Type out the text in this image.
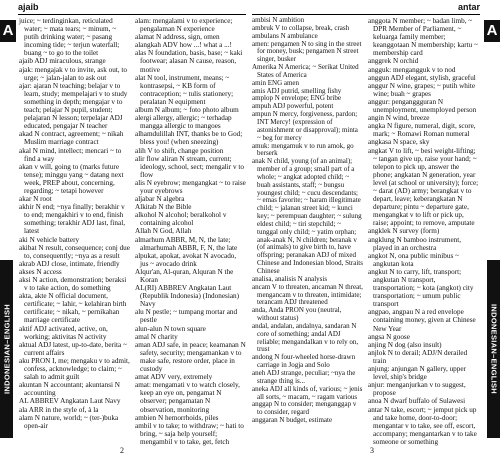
ajaib
A

juice; ~ terdinginkan, reticulated water; ~ mata tears; ~ minum, ~ putih drinking water; ~ pasang incoming tide; ~ terjun waterfall; buang ~ to go to the toilet

ajaib ADJ miraculous, strange

ajak: mengajak v to invite, ask out, to urge; ~ jalan-jalan to ask out

ajar: ajaran N teaching; belajar v to learn, study; mempelajari v to study something in depth; mengajar v to teach; pelajar N pupil, student; pelajaran N lesson; terpelajar ADJ educated, pengajar N teacher

akad N contract, agreement; ~ nikah Muslim marriage contract

akal N mind, intellect; mencari ~ to find a way

akan v will, going to (marks future tense); minggu yang ~ datang next week, PREP about, concerning, regarding; ~ tetapi however

akar N root

akhir N end; ~nya finally; berakhir v to end; mengakhiri v to end, finish something; terakhir ADJ last, final, latest

aki N vehicle battery

akibat N result, consequence; conj due to, consequently; ~nya as a result

akrab ADJ close, intimate, friendly

akses N access

aksi N action, demonstration; beraksi v to take action, do something

akta, akte N official document, certificate; ~ lahir, ~ kelahiran birth certificate; ~ nikah, ~ pernikahan marriage certificate

aktif ADJ activated, active, on, working; aktivitas N activity

aktual ADJ latest, up-to-date, berita ~ current affairs

aku PRON I, me; mengaku v to admit, confess, acknowledge; to claim; ~ salah to admit guilt

akuntan N accountant; akuntansi N accounting

AL ABBREV Angkatan Laut Navy

ala ARR in the style of, à la

alam N nature, world; ~ (ter-)buka open-air

alam: mengalami v to experience; pengalaman N experience

alamat N address, sign, omen

alangkah ADV how ...! what a ...!

alas N foundation, basis, base; ~ kaki footwear; alasan N cause, reason, motive

alat N tool, instrument, means; ~ kontrasepsi, ~ KB form of contraception; ~ tulis stationery; peralatan N equipment

album N album; ~ foto photo album

alergi allergy, allergic; ~ terhadap mangga allergic to mangoes

alhamdulillah INT, thanks be to God; bless you! (when sneezing)

alih V to shift, change position

alir flow aliran N stream, current; ideology, school, sect; mengalir v to flow

alis N eyebrow; mengangkat ~ to raise your eyebrows

aljabar N algebra

Alkitab N the Bible

alkohol N alcohol; beralkohol v containing alcohol

Allah N God, Allah

almarhum ABBR, M, N, the late; almarhumah ABBR, F, N, the late

alpukat, apokat, avokat N avocado, jus ~ avocado drink

Alqur'an, Al-quran, Alquran N the Koran

AL(RI) ABBREV Angkatan Laut (Republik Indonesia) (Indonesian) Navy

alu N pestle; ~ tumpang mortar and pestle

alun-alun N town square

amal N charity

aman ADJ safe, in peace; keamanan N safety, security; mengamankan v to make safe, restore order, place in custody

amat ADV very, extremely

amat: mengamati v to watch closely, keep an eye on, pengamat N observer; pengamatan N observation, monitoring

ambien N hemorrhoids, piles

ambil v to take; to withdraw; ~ hati to bring, ~ saja help yourself; mengambil v to take, get, fetch

INDONESIAN–ENGLISH
2
antar
A

ambisi N ambition

ambruk V to collapse, break, crash

ambulans N ambulance

amen: pengamen N to sing in the street for money, busk; pengamen N street singer, busker

Amerika N America; ~ Serikat United States of America

amin ENG amen

amis ADJ putrid, smelling fishy

amplop N envelope; ENG bribe

ampuh ADJ powerful, potent

ampun N mercy, forgiveness, pardon; INT Mercy! (expression of astonishment or disapproval); minta ~ beg for mercy

amuk: mengamuk v to run amok, go berserk

anak N child, young (of an animal); member of a group; small part of a whole; ~ angkat adopted child; ~ buah assistants, staff; ~ bungsu youngest child; ~ cucu descendants; ~ emas favorite; ~ haram illegitimate child; ~ jalanan street kid; ~ kunci key; ~ perempuan daughter; ~ sulung eldest child; ~ tiri stepchild; ~ tunggal only child; ~ yatim orphan; anak-anak N, N children; beranak v (of animals) to give birth to, have offspring; peranakan ADJ of mixed Chinese and Indonesian blood, Straits Chinese

analisa, analisis N analysis

ancam V to threaten, ancaman N threat, mengancam v to threaten, intimidate; terancam ADJ threatened

anda, Anda PRON you (neutral, without status)

andal, andalan, andalnya, sandaran N core of something; andal ADJ reliable; mengandalkan v to rely on, trust

andong N four-wheeled horse-drawn carriage in Jogja and Solo

aneh ADJ strange, peculiar; ~nya the strange thing is...

aneka ADJ all kinds of, various; ~ jenis all sorts, ~ macam, ~ ragam various

anggap N to consider; menganggap v to consider, regard

anggaran N budget, estimate

anggota N member; ~ badan limb, ~ DPR Member of Parliament, ~ keluarga family member; keanggotaan N membership; kartu ~ membership card

anggrek N orchid

angguk: mengangguk v to nod

anggun ADJ elegant, stylish, graceful

anggur N wine, grapes; ~ putih white wine; buah ~ grapes

anggur: penganggguran N unemployment, unemployed person

angin N wind, breeze

angka N figure, numeral, digit, score, mark; ~ Romawi Roman numeral

angkasa N space, sky

angkat V to lift, ~ besi weight-lifting; ~ tangan give up, raise your hand; ~ telepon to pick up, answer the phone; angkatan N generation, year level (at school or university); force; ~ darat (AD) army; berangkat v to depart, leave; keberangkatan N departure; pintu ~ departure gate, mengangkat v to lift or pick up, raise; appoint; to remove, amputate

angklek N survey (form)

angklung N bamboo instrument, played in an orchestra

angkot N, ona public minibus ~ angkutan kota

angkut N to carry, lift, transport; angkutan N transport, transportation; ~ kota (angkot) city transportation; ~ umum public transport

angpao, angpau N a red envelope containing money, given at Chinese New Year

angsa N goose

anjing N dog (also insult)

anjlok N to derail; ADJ/N derailed train

anjung: anjungan N gallery, upper level, ship's bridge

anjur: menganjurkan v to suggest, propose

anoa N dwarf buffalo of Sulawesi

antar N take, escort; ~ jemput pick up and take home, door-to-door; mengantar v to take, see off, escort, accompany; mengantarkan v to take someone or something

INDONESIAN–ENGLISH
3
